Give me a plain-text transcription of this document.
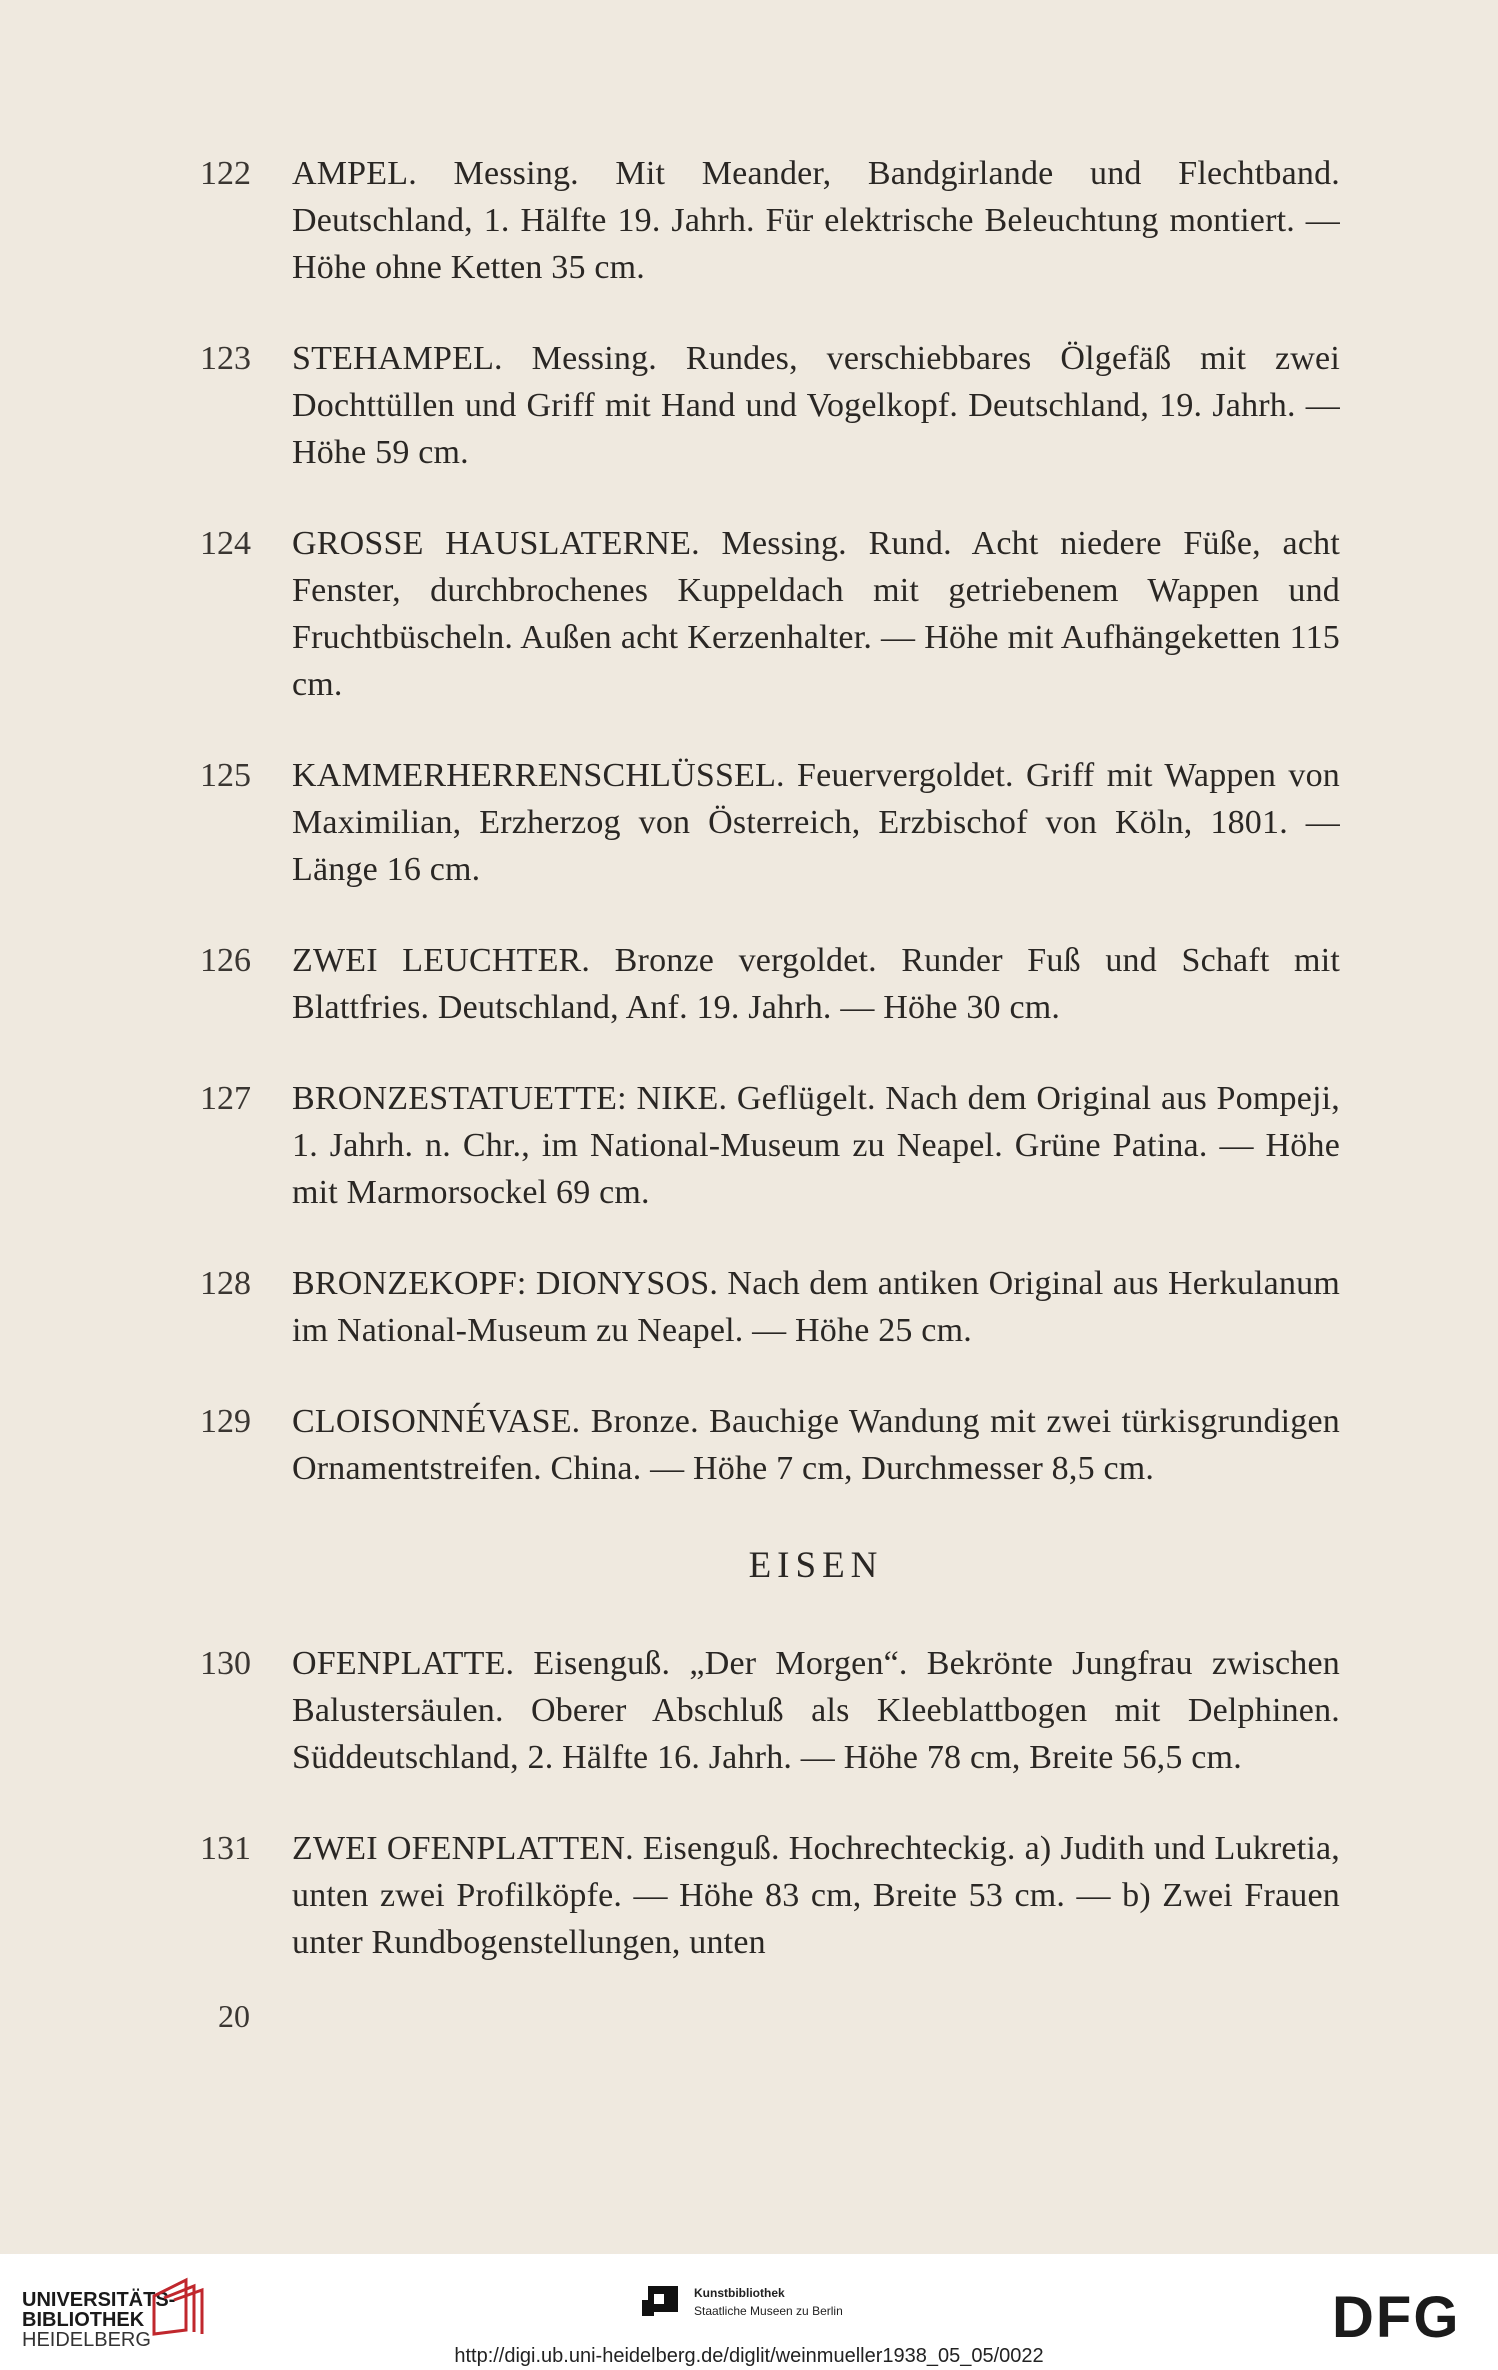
122 AMPEL. Messing. Mit Meander, Bandgirlande und Flechtband. Deutschland, 1. Hälfte 19. Jahrh. Für elektrische Beleuchtung montiert. — Höhe ohne Ketten 35 cm.
123 STEHAMPEL. Messing. Rundes, verschiebbares Ölgefäß mit zwei Dochttüllen und Griff mit Hand und Vogelkopf. Deutschland, 19. Jahrh. — Höhe 59 cm.
124 GROSSE HAUSLATERNE. Messing. Rund. Acht niedere Füße, acht Fenster, durchbrochenes Kuppeldach mit getriebenem Wappen und Fruchtbüscheln. Außen acht Kerzenhalter. — Höhe mit Aufhängeketten 115 cm.
125 KAMMERHERRENSCHLÜSSEL. Feuervergoldet. Griff mit Wappen von Maximilian, Erzherzog von Österreich, Erzbischof von Köln, 1801. — Länge 16 cm.
126 ZWEI LEUCHTER. Bronze vergoldet. Runder Fuß und Schaft mit Blattfries. Deutschland, Anf. 19. Jahrh. — Höhe 30 cm.
127 BRONZESTATUETTE: NIKE. Geflügelt. Nach dem Original aus Pompeji, 1. Jahrh. n. Chr., im National-Museum zu Neapel. Grüne Patina. — Höhe mit Marmorsockel 69 cm.
128 BRONZEKOPF: DIONYSOS. Nach dem antiken Original aus Herkulanum im National-Museum zu Neapel. — Höhe 25 cm.
129 CLOISONNÉVASE. Bronze. Bauchige Wandung mit zwei türkisgrundigen Ornamentstreifen. China. — Höhe 7 cm, Durchmesser 8,5 cm.
EISEN
130 OFENPLATTE. Eisenguß. „Der Morgen“. Bekrönte Jungfrau zwischen Balustersäulen. Oberer Abschluß als Kleeblattbogen mit Delphinen. Süddeutschland, 2. Hälfte 16. Jahrh. — Höhe 78 cm, Breite 56,5 cm.
131 ZWEI OFENPLATTEN. Eisenguß. Hochrechteckig. a) Judith und Lukretia, unten zwei Profilköpfe. — Höhe 83 cm, Breite 53 cm. — b) Zwei Frauen unter Rundbogenstellungen, unten
20
UNIVERSITÄTS-
BIBLIOTHEK
HEIDELBERG
Kunstbibliothek
Staatliche Museen zu Berlin	DFG
http://digi.ub.uni-heidelberg.de/diglit/weinmueller1938_05_05/0022
